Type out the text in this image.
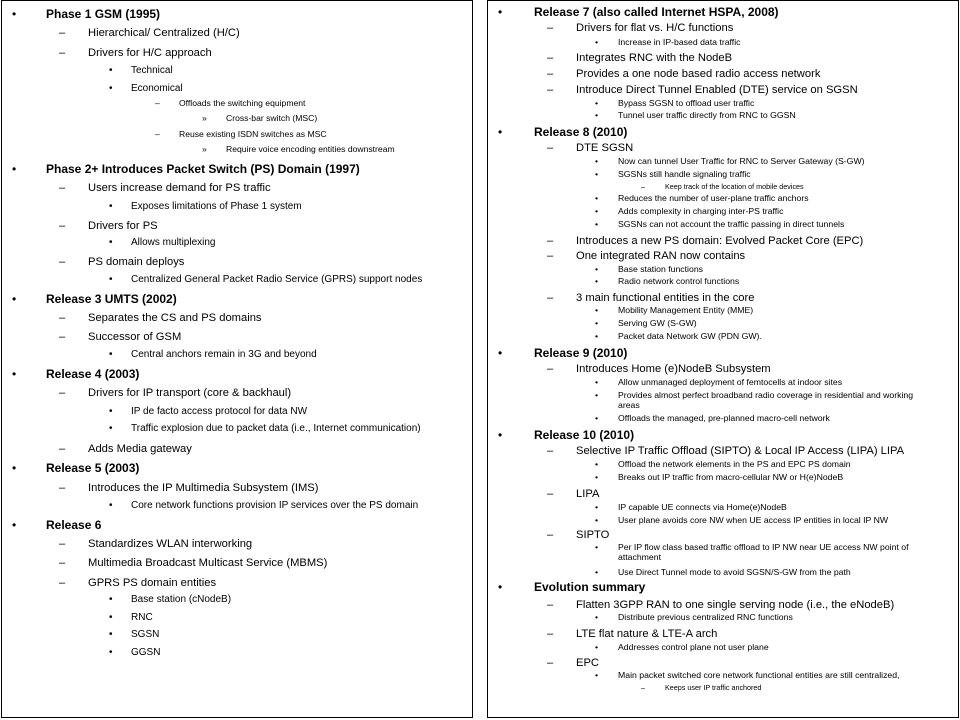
• Phase 1 GSM (1995)
– Hierarchical/ Centralized (H/C)
– Drivers for H/C approach
• Technical
• Economical
– Offloads the switching equipment
» Cross-bar switch (MSC)
– Reuse existing ISDN switches as MSC
» Require voice encoding entities downstream
• Phase 2+ Introduces Packet Switch (PS) Domain (1997)
– Users increase demand for PS traffic
• Exposes limitations of Phase 1 system
– Drivers for PS
• Allows multiplexing
– PS domain deploys
• Centralized General Packet Radio Service (GPRS) support nodes
• Release 3 UMTS (2002)
– Separates the CS and PS domains
– Successor of GSM
• Central anchors remain in 3G and beyond
• Release 4 (2003)
– Drivers for IP transport (core & backhaul)
• IP de facto access protocol for data NW
• Traffic explosion due to packet data (i.e., Internet communication)
– Adds Media gateway
• Release 5 (2003)
– Introduces the IP Multimedia Subsystem (IMS)
• Core network functions provision IP services over the PS domain
• Release 6
– Standardizes WLAN interworking
– Multimedia Broadcast Multicast Service (MBMS)
– GPRS PS domain entities
• Base station (cNodeB)
• RNC
• SGSN
• GGSN
•	Release 7 (also called Internet HSPA, 2008)
– Drivers for flat vs. H/C functions
• Increase in IP-based data traffic
– Integrates RNC with the NodeB
– Provides a one node based radio access network
– Introduce Direct Tunnel Enabled (DTE) service on SGSN
• Bypass SGSN to offload user traffic
• Tunnel user traffic directly from RNC to GGSN
•	Release 8 (2010)
– DTE SGSN
• Now can tunnel User Traffic for RNC to Server Gateway (S-GW)
• SGSNs still handle signaling traffic
–	Keep track of the location of mobile devices
• Reduces the number of user-plane traffic anchors
• Adds complexity in charging inter-PS traffic
• SGSNs can not account the traffic passing in direct tunnels
– Introduces a new PS domain: Evolved Packet Core (EPC)
– One integrated RAN now contains
• Base station functions
• Radio network control functions
– 3 main functional entities in the core
• Mobility Management Entity (MME)
• Serving GW (S-GW)
• Packet data Network GW (PDN GW).
•	Release 9 (2010)
– Introduces Home (e)NodeB Subsystem
• Allow unmanaged deployment of femtocells at indoor sites
• Provides almost perfect broadband radio coverage in residential and working areas
• Offloads the managed, pre-planned macro-cell network
•	Release 10 (2010)
– Selective IP Traffic Offload (SIPTO) & Local IP Access (LIPA) LIPA
• Offload the network elements in the PS and EPC PS domain
• Breaks out IP traffic from macro-cellular NW or H(e)NodeB
– LIPA
• IP capable UE connects via Home(e)NodeB
• User plane avoids core NW when UE access IP entities in local IP NW
– SIPTO
• Per IP flow class based traffic offload to IP NW near UE access NW point of attachment
• Use Direct Tunnel mode to avoid SGSN/S-GW from the path
•	Evolution summary
– Flatten 3GPP RAN to one single serving node (i.e., the eNodeB)
• Distribute previous centralized RNC functions
– LTE flat nature & LTE-A arch
• Addresses control plane not user plane
– EPC
• Main packet switched core network functional entities are still centralized,
–	Keeps user IP traffic anchored
